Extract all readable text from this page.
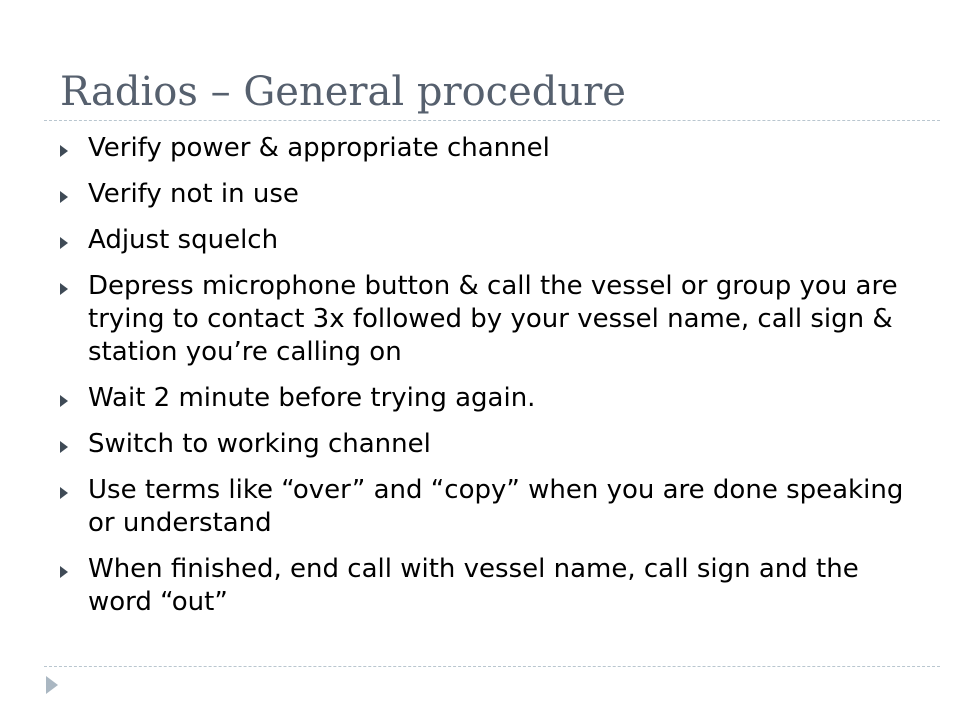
Radios – General procedure
Verify power & appropriate channel
Verify not in use
Adjust squelch
Depress microphone button & call the vessel or group you are trying to contact 3x followed by your vessel name, call sign & station you’re calling on
Wait 2 minute before trying again.
Switch to working channel
Use terms like “over” and “copy” when you are done speaking or understand
When finished, end call with vessel name, call sign and the word “out”
